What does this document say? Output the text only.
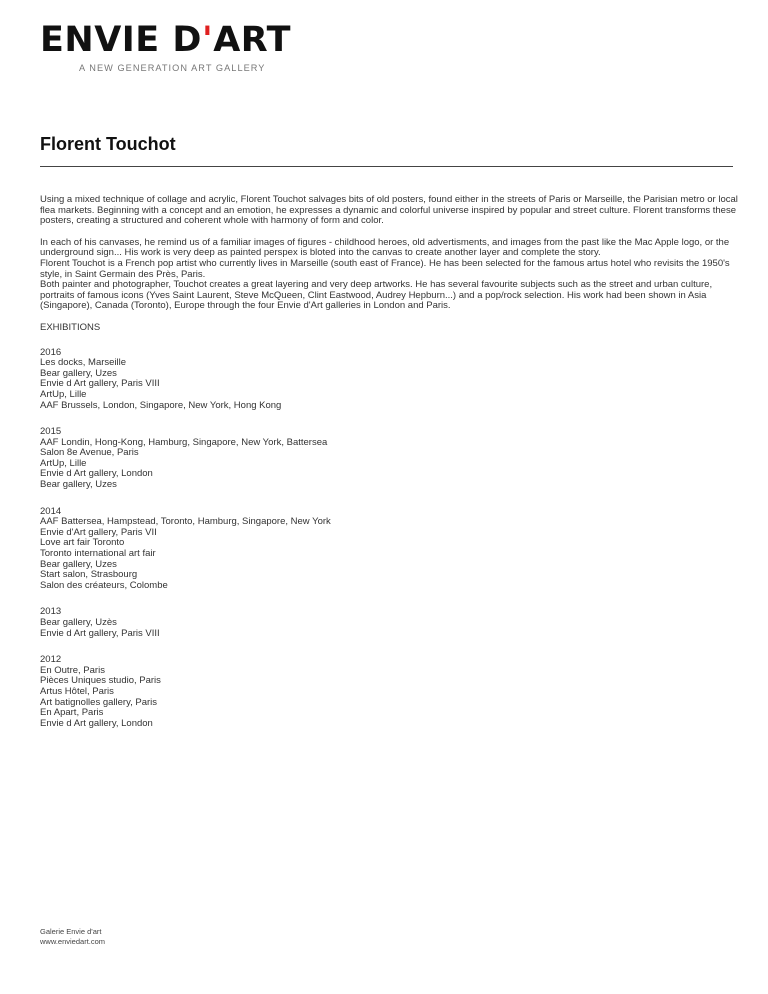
ENVIE D'ART
A NEW GENERATION ART GALLERY
Florent Touchot

Using a mixed technique of collage and acrylic, Florent Touchot salvages bits of old posters, found either in the streets of Paris or Marseille, the Parisian metro or local flea markets. Beginning with a concept and an emotion, he expresses a dynamic and colorful universe inspired by popular and street culture. Florent transforms these posters, creating a structured and coherent whole with harmony of form and color.

In each of his canvases, he remind us of a familiar images of figures - childhood heroes, old advertisments, and images from the past like the Mac Apple logo, or the underground sign... His work is very deep as painted perspex is bloted into the canvas to create another layer and complete the story.

Florent Touchot is a French pop artist who currently lives in Marseille (south east of France). He has been selected for the famous artus hotel who revisits the 1950's style, in Saint Germain des Près, Paris.

Both painter and photographer, Touchot creates a great layering and very deep artworks. He has several favourite subjects such as the street and urban culture, portraits of famous icons (Yves Saint Laurent, Steve McQueen, Clint Eastwood, Audrey Hepburn...) and a pop/rock selection. His work had been shown in Asia (Singapore), Canada (Toronto), Europe through the four Envie d'Art galleries in London and Paris.

EXHIBITIONS

2016
Les docks, Marseille
Bear gallery, Uzes
Envie d Art gallery, Paris VIII
ArtUp, Lille
AAF Brussels, London, Singapore, New York, Hong Kong
2015
AAF Londin, Hong-Kong, Hamburg, Singapore, New York, Battersea
Salon 8e Avenue, Paris
ArtUp, Lille
Envie d Art gallery, London
Bear gallery, Uzes
2014
AAF Battersea, Hampstead, Toronto, Hamburg, Singapore, New York
Envie d'Art gallery, Paris VII
Love art fair Toronto
Toronto international art fair
Bear gallery, Uzes
Start salon, Strasbourg
Salon des créateurs, Colombe
2013
Bear gallery, Uzès
Envie d Art gallery, Paris VIII
2012
En Outre, Paris
Pièces Uniques studio, Paris
Artus Hôtel, Paris
Art batignolles gallery, Paris
En Apart, Paris
Envie d Art gallery, London
Galerie Envie d'art
www.enviedart.com
